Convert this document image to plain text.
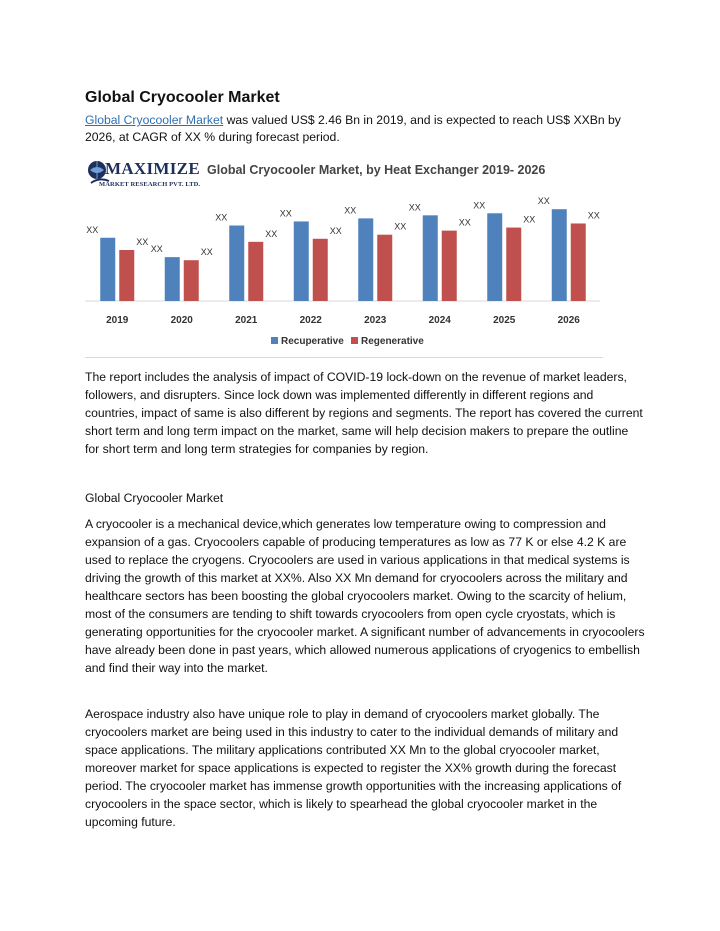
Global Cryocooler Market

Global Cryocooler Market was valued US$ 2.46 Bn in 2019, and is expected to reach US$ XXBn by 2026, at CAGR of XX % during forecast period.

MAXIMIZE
MARKET RESEARCH PVT. LTD.
Global Cryocooler Market, by Heat Exchanger 2019- 2026
XX
XX
2019
XX	XX
2020
XX
XX
2021
XX
XX
2022
XX
XX
2023
XX
XX
2024
XX
XX
2025
XX
XX
2026
Recuperative Regenerative

The report includes the analysis of impact of COVID-19 lock-down on the revenue of market leaders, followers, and disrupters. Since lock down was implemented differently in different regions and countries, impact of same is also different by regions and segments. The report has covered the current short term and long term impact on the market, same will help decision makers to prepare the outline for short term and long term strategies for companies by region.

Global Cryocooler Market

A cryocooler is a mechanical device,which generates low temperature owing to compression and expansion of a gas. Cryocoolers capable of producing temperatures as low as 77 K or else 4.2 K are used to replace the cryogens. Cryocoolers are used in various applications in that medical systems is driving the growth of this market at XX%. Also XX Mn demand for cryocoolers across the military and healthcare sectors has been boosting the global cryocoolers market. Owing to the scarcity of helium, most of the consumers are tending to shift towards cryocoolers from open cycle cryostats, which is generating opportunities for the cryocooler market. A significant number of advancements in cryocoolers have already been done in past years, which allowed numerous applications of cryogenics to embellish and find their way into the market.

Aerospace industry also have unique role to play in demand of cryocoolers market globally. The cryocoolers market are being used in this industry to cater to the individual demands of military and space applications. The military applications contributed XX Mn to the global cryocooler market, moreover market for space applications is expected to register the XX% growth during the forecast period. The cryocooler market has immense growth opportunities with the increasing applications of cryocoolers in the space sector, which is likely to spearhead the global cryocooler market in the upcoming future.
